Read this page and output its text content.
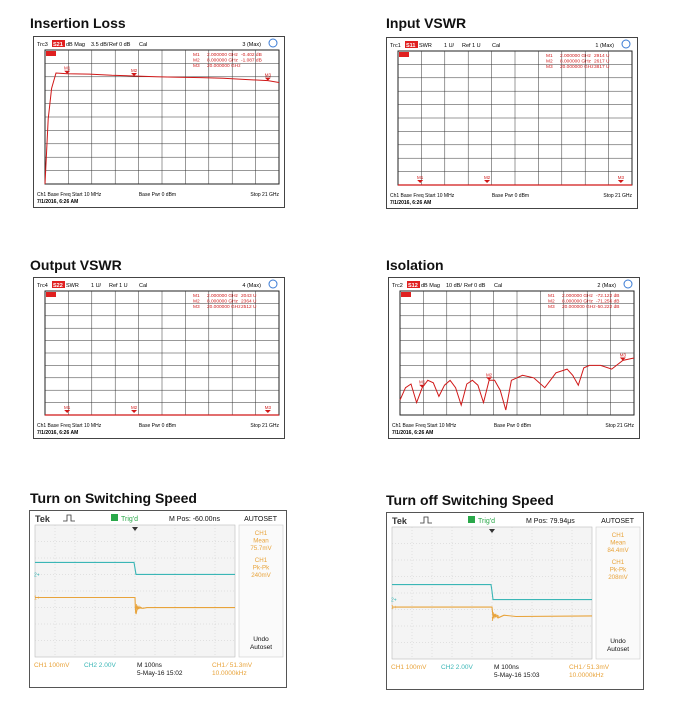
Insertion Loss	Input VSWR
Output VSWR	Isolation
Turn on Switching Speed	Turn off Switching Speed
Trc3 S21 dB Mag 3.5 dB/ Ref 0 dB Cal	3 (Max)
M1 2.000000 GHz -0.402 dB
M2 8.000000 GHz -1.087 dB
M3 20.000000 GHz
Ch1 Base Freq Start 10 MHz	Base Pwr 0 dBm	Stop 21 GHz
7/1/2016, 6:26 AM
M1	M2
M3
Trc1 S11 SWR 1 U/ Ref 1 U Cal	1 (Max)
M1 2.000000 GHz 2914 U
M2 8.000000 GHz 2617 U
M3 20.000000 GHz 3817 U
Ch1 Base Freq Start 10 MHz	Base Pwr 0 dBm	Stop 21 GHz
7/1/2016, 6:26 AM
M1	M2	M3
Trc4 S22 SWR 1 U/ Ref 1 U Cal	4 (Max)
M1 2.000000 GHz 2043 U
M2 8.000000 GHz 2364 U
M3 20.000000 GHz 2512 U
Ch1 Base Freq Start 10 MHz	Base Pwr 0 dBm	Stop 21 GHz
7/1/2016, 6:26 AM
M1	M2	M3
Trc2 S12 dB Mag 10 dB/ Ref 0 dB Cal	2 (Max)
M1 2.000000 GHz -72.122 dB
M2 8.000000 GHz -71.256 dB
M3 20.000000 GHz -50.222 dB
Ch1 Base Freq Start 10 MHz	Base Pwr 0 dBm	Stop 21 GHz
7/1/2016, 6:26 AM
M1
M2
M3
Tek	Trig'd	M Pos: -60.00ns	AUTOSET
CH1
Mean
75.7mV
CH1
Pk-Pk
240mV
Undo
Autoset
CH1 100mV CH2 2.00V	M 100ns
5-May-16 15:02
CH1 ∕ 51.3mV
10.0000kHz
1+
2+
Tek	Trig'd	M Pos: 79.94μs	AUTOSET
CH1
Mean
84.4mV
CH1
Pk-Pk
208mV
Undo
Autoset
CH1 100mV CH2 2.00V	M 100ns
5-May-16 15:03
CH1 ∕ 51.3mV
10.0000kHz
1+
2+
